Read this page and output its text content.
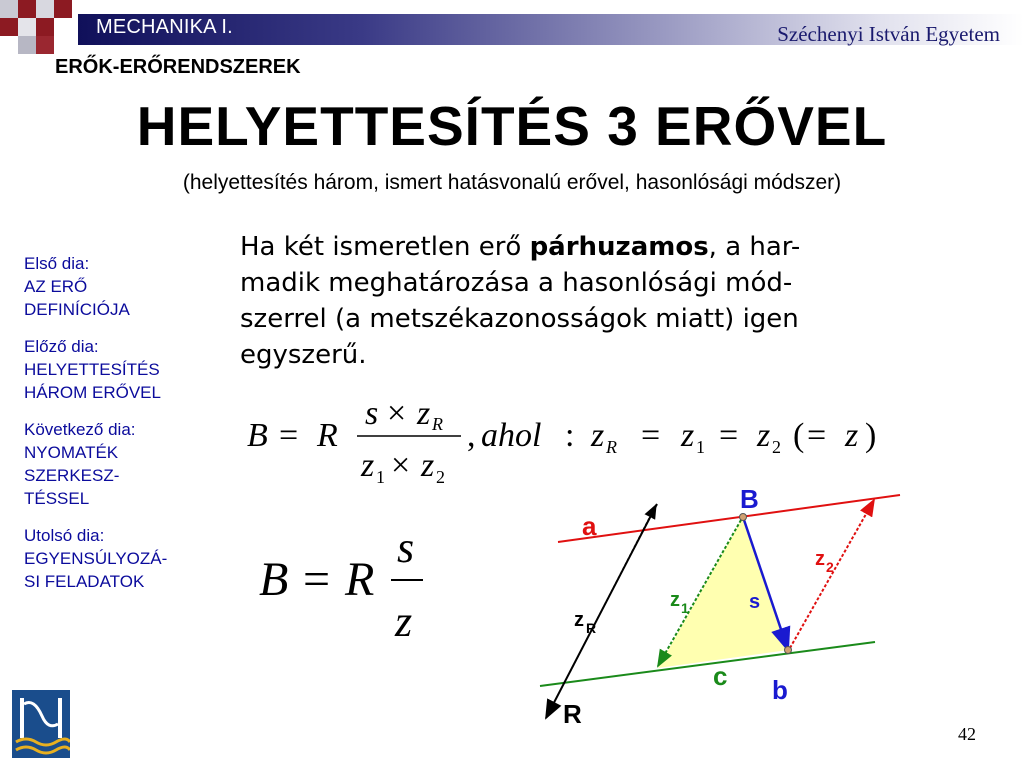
MECHANIKA I.	Széchenyi István Egyetem
ERŐK-ERŐRENDSZEREK
HELYETTESÍTÉS 3 ERŐVEL
(helyettesítés három, ismert hatásvonalú erővel, hasonlósági módszer)
Első dia:
AZ ERŐ
DEFINÍCIÓJA
Előző dia:
HELYETTESÍTÉS
HÁROM ERŐVEL
Következő dia:
NYOMATÉK
SZERKESZ-
TÉSSEL
Utolsó dia:
EGYENSÚLYOZÁ-
SI FELADATOK
Ha két ismeretlen erő párhuzamos, a har-
madik meghatározása a hasonlósági mód-
szerrel (a metszékazonosságok miatt) igen
egyszerű.
B = R
s × z R
z 1 × z 2
, ahol : z R = z 1 = z 2 ( = z )
B = R
s
z
a
b
c
B
R
s
z 1
z 2
z R
42
